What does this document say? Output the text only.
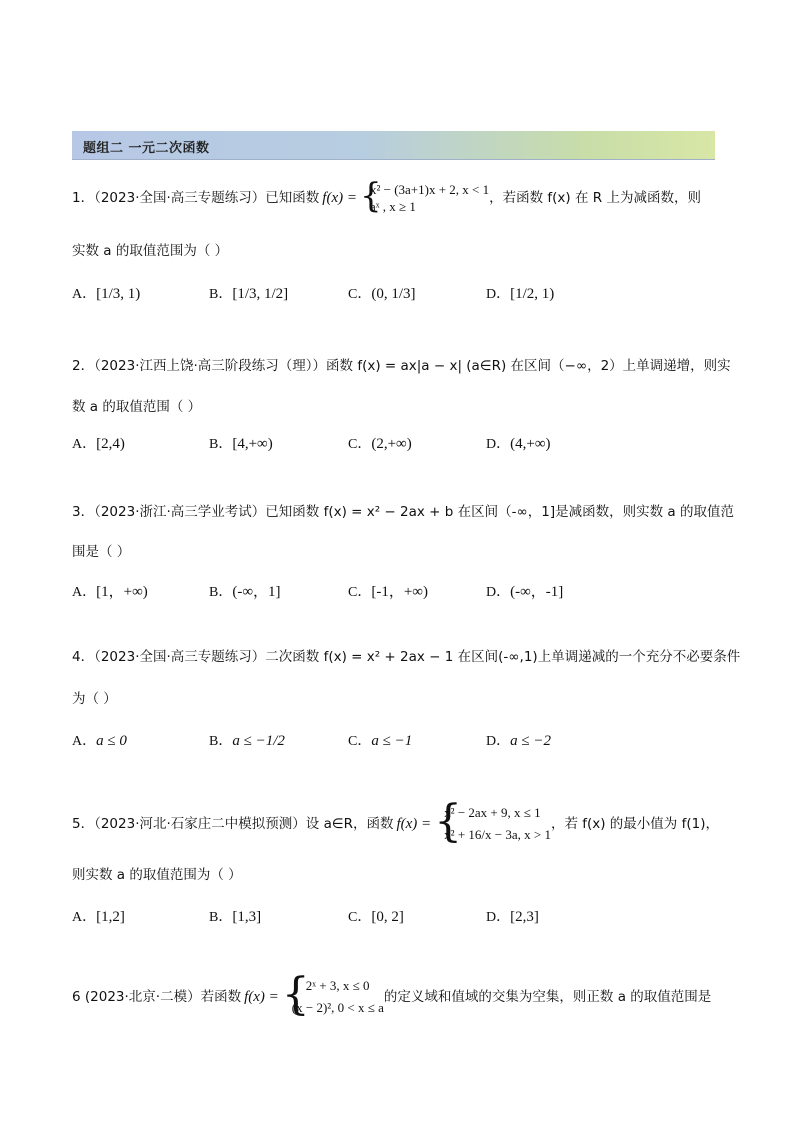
题组二 一元二次函数
1．（2023·全国·高三专题练习）已知函数 f(x) = {
x² − (3a+1)x + 2, x < 1
aˣ , x ≥ 1
，若函数 f(x) 在 R 上为减函数，则
实数 a 的取值范围为（ ）
A．[1/3, 1)	B．[1/3, 1/2]	C．(0, 1/3]	D．[1/2, 1)
2．（2023·江西上饶·高三阶段练习（理））函数 f(x) = ax|a − x| (a∈R) 在区间（−∞，2）上单调递增，则实
数 a 的取值范围（ ）
A．[2,4)	B．[4,+∞)	C．(2,+∞)	D．(4,+∞)
3．（2023·浙江·高三学业考试）已知函数 f(x) = x² − 2ax + b 在区间（-∞，1]是减函数，则实数 a 的取值范
围是（ ）
A．[1，+∞)	B．(-∞，1]	C．[-1，+∞)	D．(-∞，-1]
4．（2023·全国·高三专题练习）二次函数 f(x) = x² + 2ax − 1 在区间(-∞,1)上单调递减的一个充分不必要条件
为（ ）
A．a ≤ 0	B．a ≤ −1/2	C．a ≤ −1	D．a ≤ −2
5．（2023·河北·石家庄二中模拟预测）设 a∈R，函数 f(x) = {
x² − 2ax + 9, x ≤ 1
x² + 16/x − 3a, x > 1
，若 f(x) 的最小值为 f(1)，
则实数 a 的取值范围为（ ）
A．[1,2]	B．[1,3]	C．[0, 2]	D．[2,3]
6 (2023·北京·二模）若函数 f(x) = {
2ˣ + 3, x ≤ 0
(x − 2)², 0 < x ≤ a
的定义域和值域的交集为空集，则正数 a 的取值范围是
